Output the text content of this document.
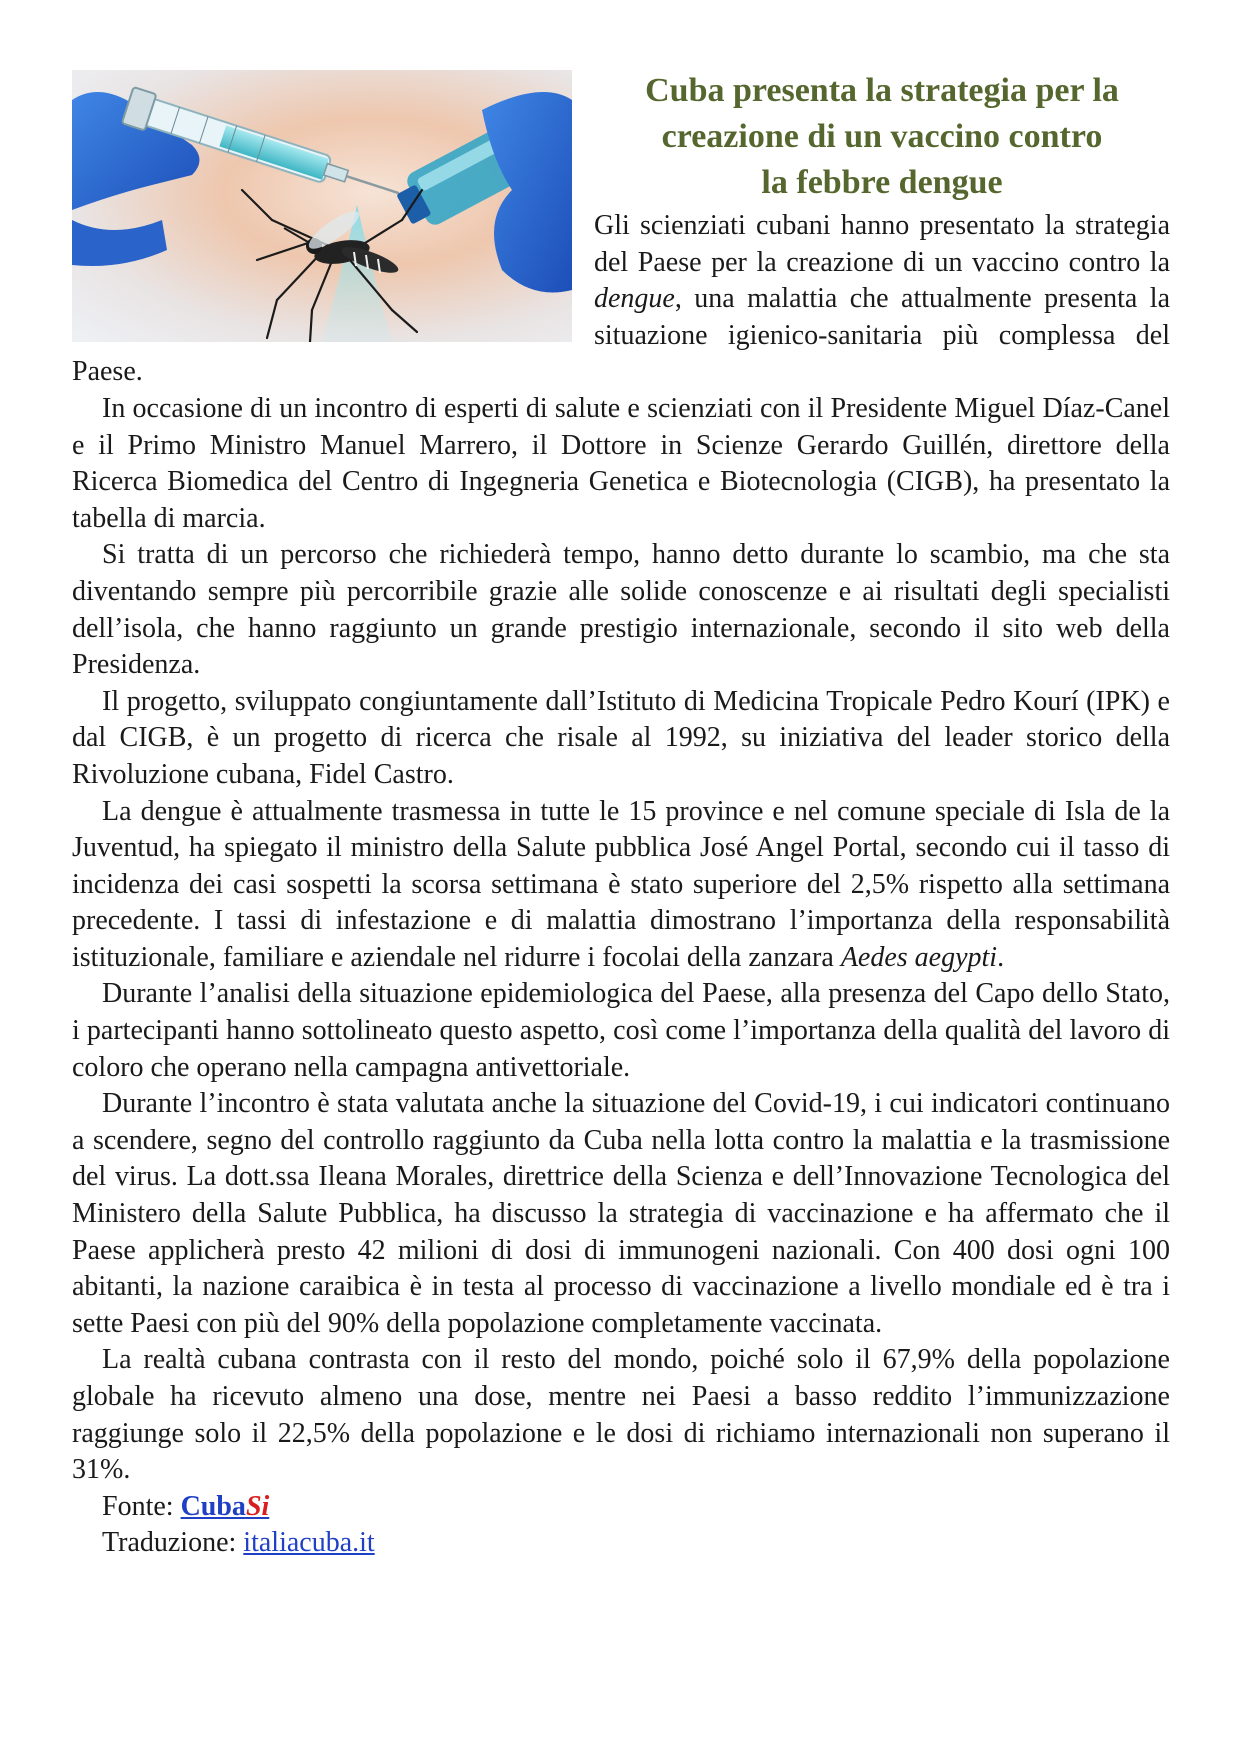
Cuba presenta la strategia per la
creazione di un vaccino contro
la febbre dengue

Gli scienziati cubani hanno presentato la strategia del Paese per la creazione di un vaccino contro la dengue, una malattia che attualmente presenta la situazione igienico-sanitaria più complessa del Paese.

In occasione di un incontro di esperti di salute e scienziati con il Presidente Miguel Díaz-Canel e il Primo Ministro Manuel Marrero, il Dottore in Scienze Gerardo Guillén, direttore della Ricerca Biomedica del Centro di Ingegneria Genetica e Biotecnologia (CIGB), ha presentato la tabella di marcia.

Si tratta di un percorso che richiederà tempo, hanno detto durante lo scambio, ma che sta diventando sempre più percorribile grazie alle solide conoscenze e ai risultati degli specialisti dell’isola, che hanno raggiunto un grande prestigio internazionale, secondo il sito web della Presidenza.

Il progetto, sviluppato congiuntamente dall’Istituto di Medicina Tropicale Pedro Kourí (IPK) e dal CIGB, è un progetto di ricerca che risale al 1992, su iniziativa del leader storico della Rivoluzione cubana, Fidel Castro.

La dengue è attualmente trasmessa in tutte le 15 province e nel comune speciale di Isla de la Juventud, ha spiegato il ministro della Salute pubblica José Angel Portal, secondo cui il tasso di incidenza dei casi sospetti la scorsa settimana è stato superiore del 2,5% rispetto alla settimana precedente. I tassi di infestazione e di malattia dimostrano l’importanza della responsabilità istituzionale, familiare e aziendale nel ridurre i focolai della zanzara Aedes aegypti.

Durante l’analisi della situazione epidemiologica del Paese, alla presenza del Capo dello Stato, i partecipanti hanno sottolineato questo aspetto, così come l’importanza della qualità del lavoro di coloro che operano nella campagna antivettoriale.

Durante l’incontro è stata valutata anche la situazione del Covid-19, i cui indicatori continuano a scendere, segno del controllo raggiunto da Cuba nella lotta contro la malattia e la trasmissione del virus. La dott.ssa Ileana Morales, direttrice della Scienza e dell’Innovazione Tecnologica del Ministero della Salute Pubblica, ha discusso la strategia di vaccinazione e ha affermato che il Paese applicherà presto 42 milioni di dosi di immunogeni nazionali. Con 400 dosi ogni 100 abitanti, la nazione caraibica è in testa al processo di vaccinazione a livello mondiale ed è tra i sette Paesi con più del 90% della popolazione completamente vaccinata.

La realtà cubana contrasta con il resto del mondo, poiché solo il 67,9% della popolazione globale ha ricevuto almeno una dose, mentre nei Paesi a basso reddito l’immunizzazione raggiunge solo il 22,5% della popolazione e le dosi di richiamo internazionali non superano il 31%.

Fonte: CubaSi

Traduzione: italiacuba.it
